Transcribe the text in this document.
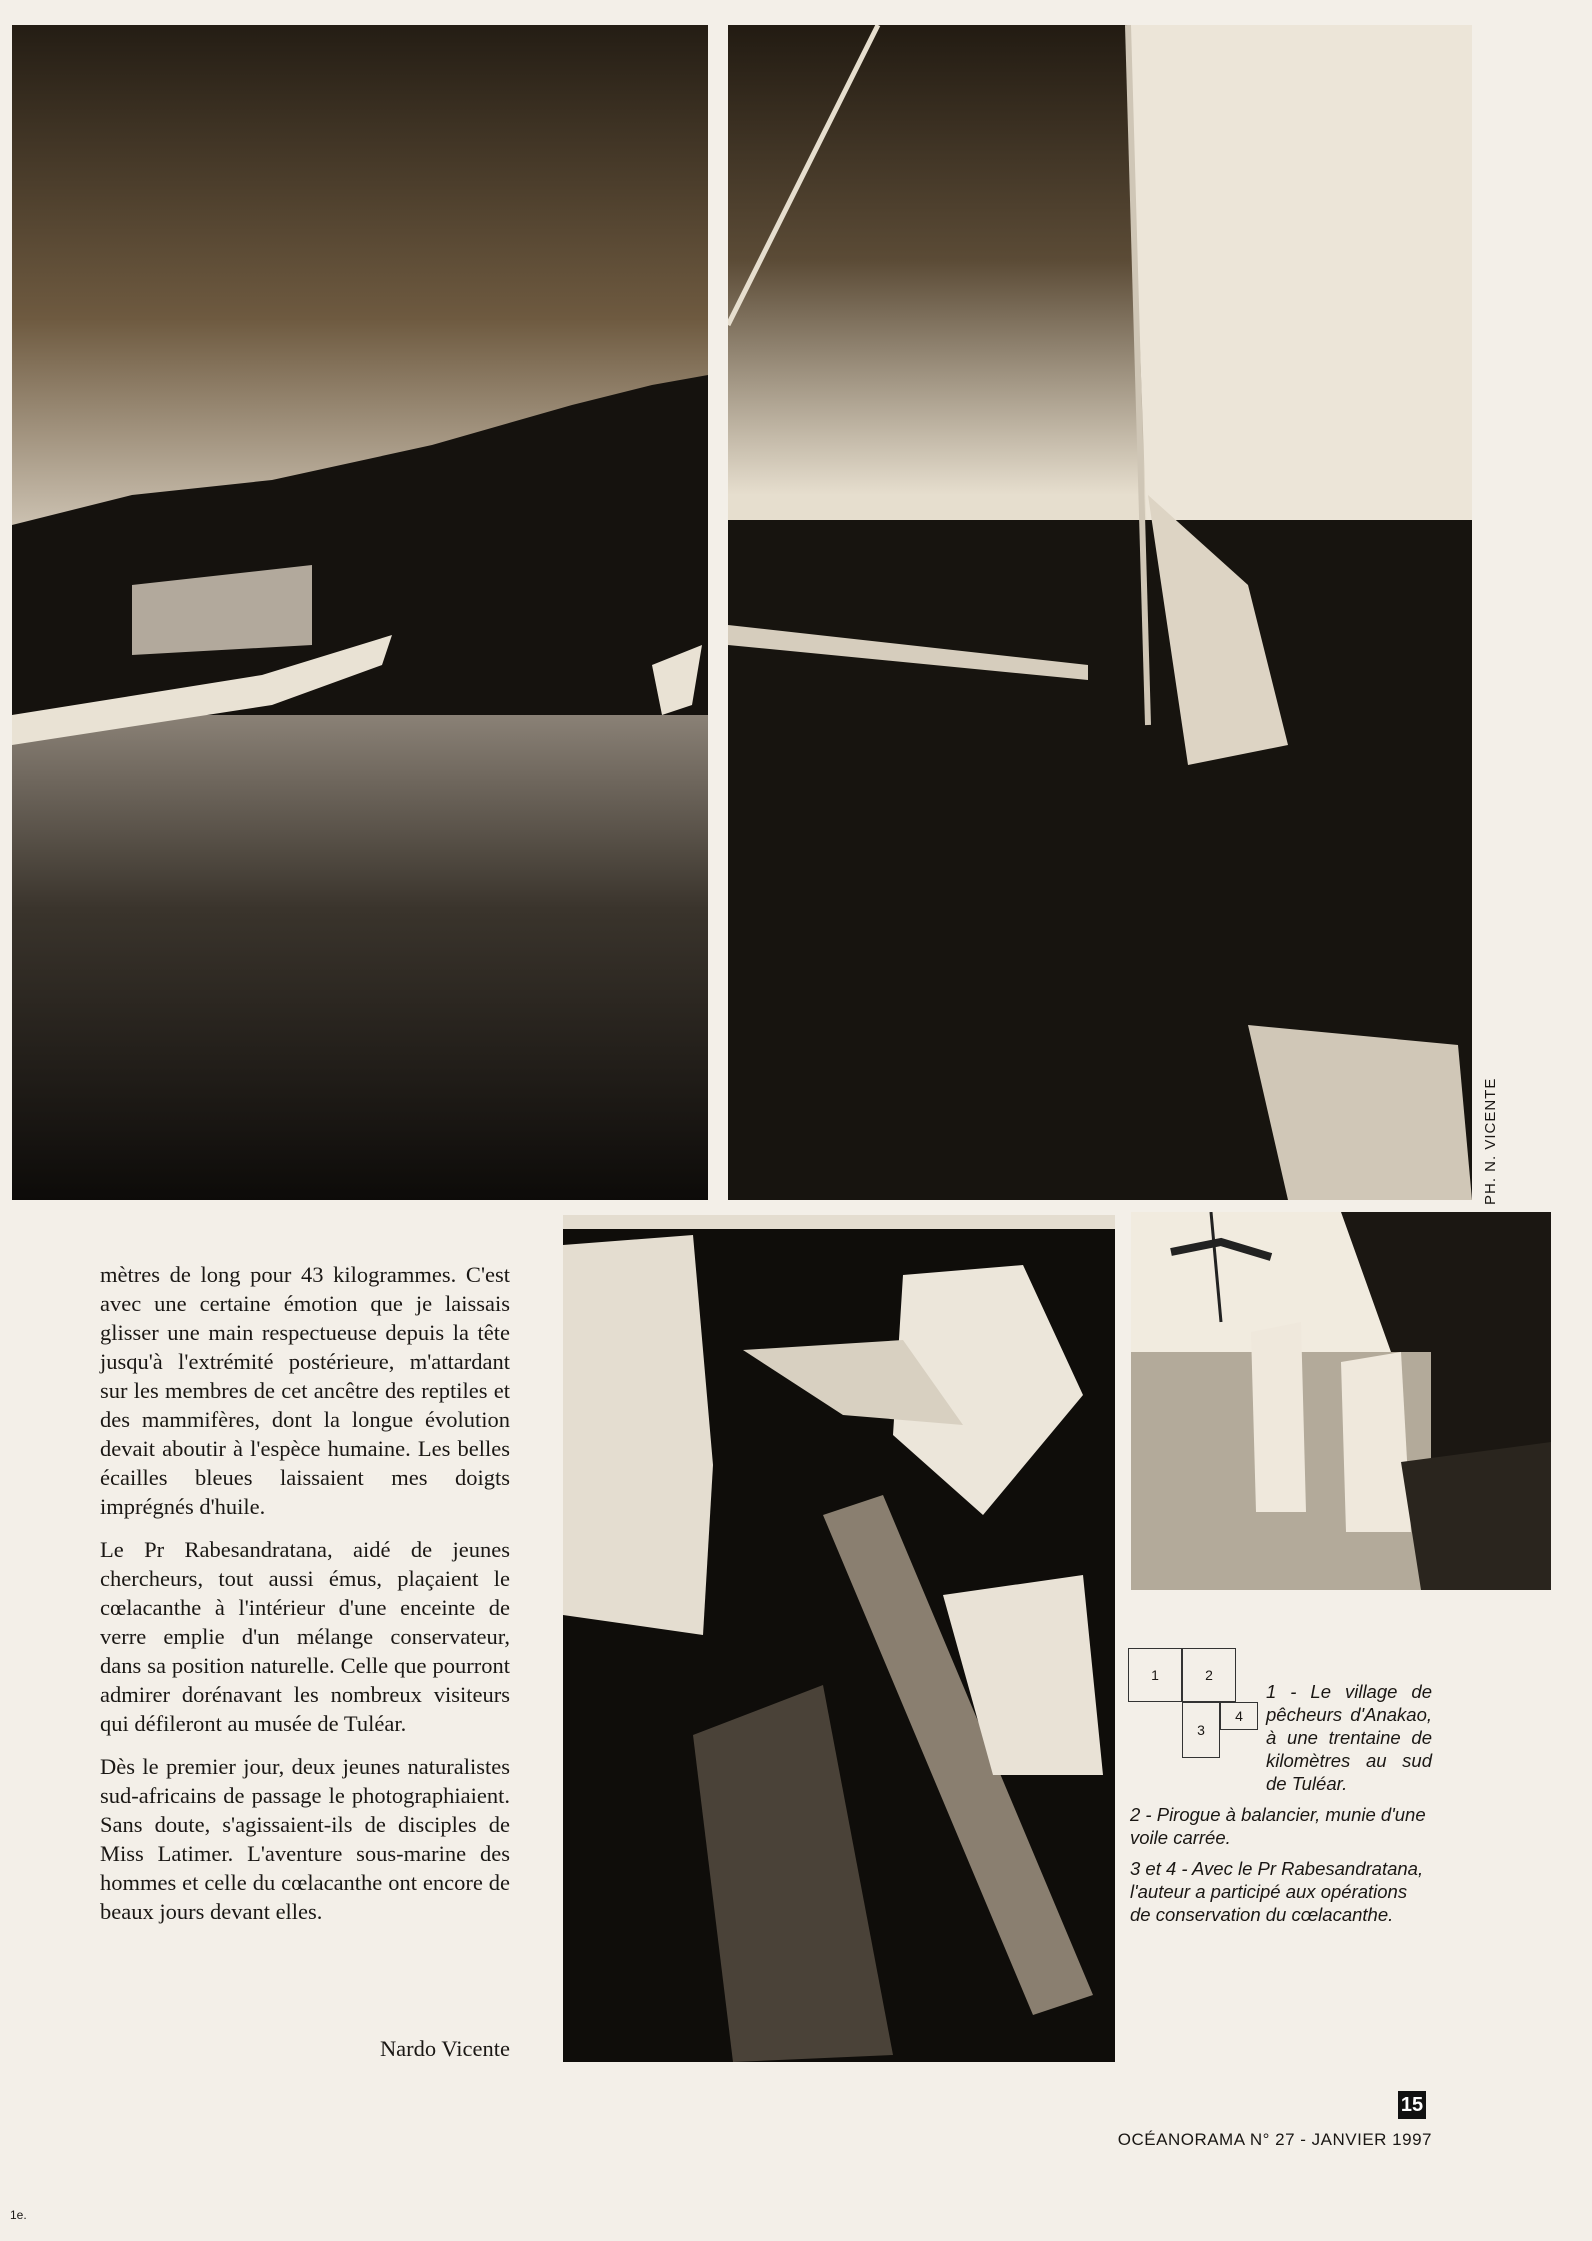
PH. N. VICENTE

mètres de long pour 43 kilogrammes. C'est avec une certaine émotion que je laissais glisser une main respectueuse depuis la tête jusqu'à l'extrémité postérieure, m'attardant sur les membres de cet ancêtre des reptiles et des mammifères, dont la longue évolution devait aboutir à l'espèce humaine. Les belles écailles bleues laissaient mes doigts imprégnés d'huile.

Le Pr Rabesandratana, aidé de jeunes chercheurs, tout aussi émus, plaçaient le cœlacanthe à l'intérieur d'une enceinte de verre emplie d'un mélange conservateur, dans sa position naturelle. Celle que pourront admirer dorénavant les nombreux visiteurs qui défileront au musée de Tuléar.

Dès le premier jour, deux jeunes naturalistes sud-africains de passage le photographiaient. Sans doute, s'agissaient-ils de disciples de Miss Latimer. L'aventure sous-marine des hommes et celle du cœlacanthe ont encore de beaux jours devant elles.

Nardo Vicente
1	2
3
4

1 - Le village de pêcheurs d'Anakao, à une trentaine de kilomètres au sud de Tuléar.

2 - Pirogue à balancier, munie d'une voile carrée.

3 et 4 - Avec le Pr Rabesandratana, l'auteur a participé aux opérations de conservation du cœlacanthe.

15
OCÉANORAMA N° 27 - JANVIER 1997
1e.
